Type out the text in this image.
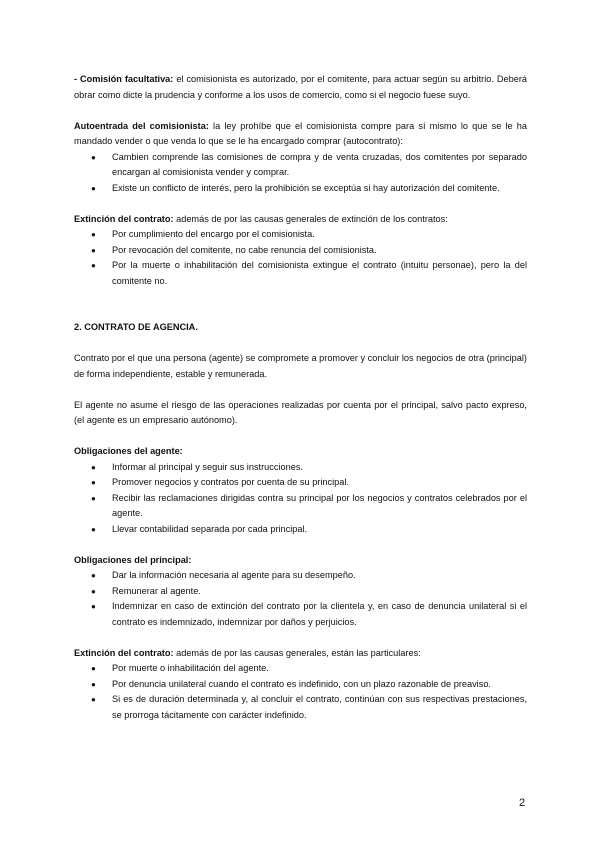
- Comisión facultativa: el comisionista es autorizado, por el comitente, para actuar según su arbitrio. Deberá obrar como dicte la prudencia y conforme a los usos de comercio, como si el negocio fuese suyo.

Autoentrada del comisionista: la ley prohíbe que el comisionista compre para sí mismo lo que se le ha mandado vender o que venda lo que se le ha encargado comprar (autocontrato):

● Cambien comprende las comisiones de compra y de venta cruzadas, dos comitentes por separado encargan al comisionista vender y comprar.
● Existe un conflicto de interés, pero la prohibición se exceptúa si hay autorización del comitente.

Extinción del contrato: además de por las causas generales de extinción de los contratos:

● Por cumplimiento del encargo por el comisionista.
● Por revocación del comitente, no cabe renuncia del comisionista.
● Por la muerte o inhabilitación del comisionista extingue el contrato (intuitu personae), pero la del comitente no.
2. CONTRATO DE AGENCIA.

Contrato por el que una persona (agente) se compromete a promover y concluir los negocios de otra (principal) de forma independiente, estable y remunerada.

El agente no asume el riesgo de las operaciones realizadas por cuenta por el principal, salvo pacto expreso, (el agente es un empresario autónomo).

Obligaciones del agente:

● Informar al principal y seguir sus instrucciones.
● Promover negocios y contratos por cuenta de su principal.
● Recibir las reclamaciones dirigidas contra su principal por los negocios y contratos celebrados por el agente.
● Llevar contabilidad separada por cada principal.

Obligaciones del principal:

● Dar la información necesaria al agente para su desempeño.
● Remunerar al agente.
● Indemnizar en caso de extinción del contrato por la clientela y, en caso de denuncia unilateral si el contrato es indemnizado, indemnizar por daños y perjuicios.

Extinción del contrato: además de por las causas generales, están las particulares:

● Por muerte o inhabilitación del agente.
● Por denuncia unilateral cuando el contrato es indefinido, con un plazo razonable de preaviso.
● Si es de duración determinada y, al concluir el contrato, continúan con sus respectivas prestaciones, se prorroga tácitamente con carácter indefinido.
2
